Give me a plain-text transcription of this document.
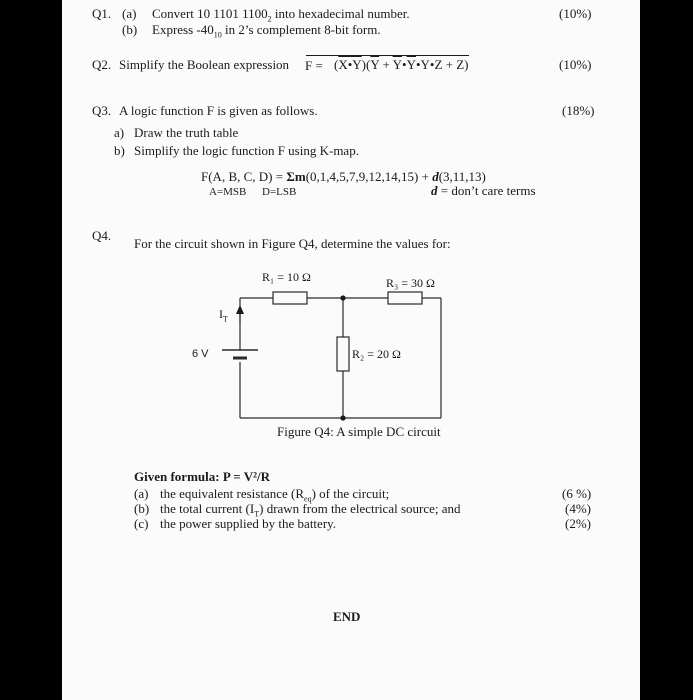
Q1. (a) Convert 10 1101 $1100_2$ into hexadecimal number.
(b) Express $-40_{10}$ in 2’s complement 8-bit form.
(10%)
Q2. Simplify the Boolean expression $F = (X•Y)(\overline{Y}$ + $\overline{Y}•\overline{Y}•Y•Z + Z$)	(10%)
Q3. A logic function F is given as follows.	(18%)
a) Draw the truth table
b) Simplify the logic function F using K-map.
F(A, B, C, D) = Σm(0,1,4,5,7,9,12,14,15) + d(3,11,13)
A=MSB D=LSB	d = don’t care terms
Q4.
For the circuit shown in Figure Q4, determine the values for:
R₁ = 10 Ω	R₃ = 30 Ω
R₂ = 20 Ω
$I_T$
6 V
Figure Q4: A simple DC circuit
Given formula: P = V²/R
(a) the equivalent resistance $(R_{eq})$ of the circuit;	(6 %)
(b) the total current $(I_T)$ drawn from the electrical source; and	(4%)
(c) the power supplied by the battery.	(2%)
END
